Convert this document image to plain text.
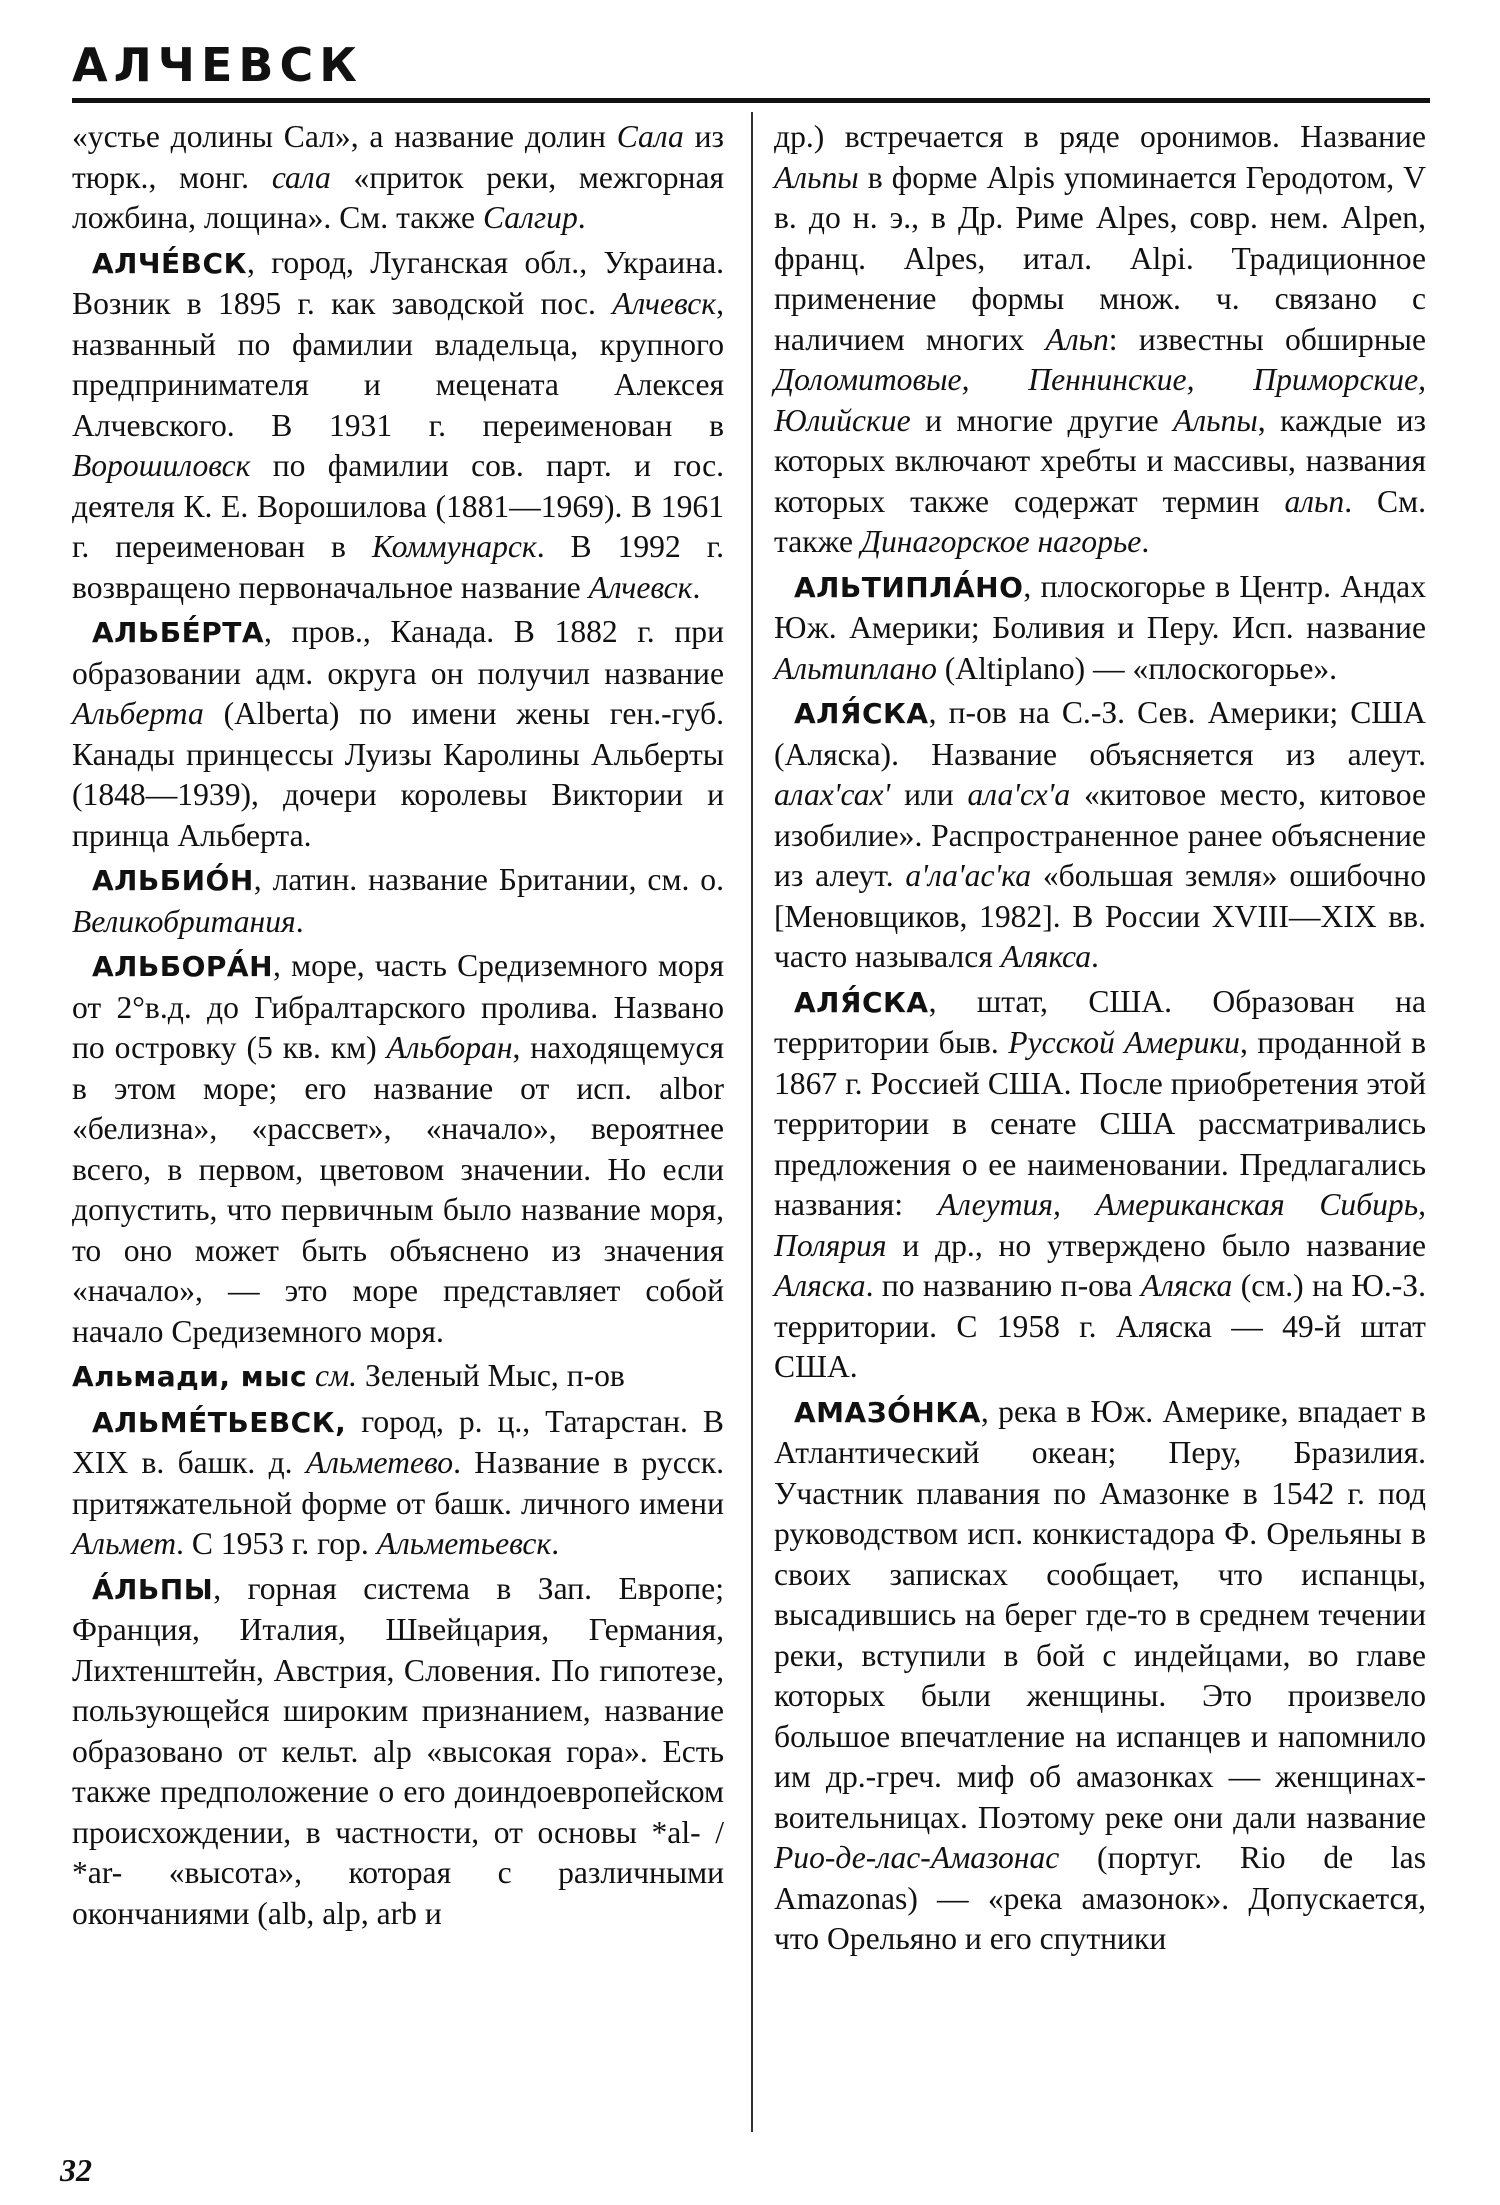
АЛЧЕВСК

«устье долины Сал», а название долин Сала из тюрк., монг. сала «приток реки, межгорная ложбина, лощина». См. также Салгир.

АЛЧЕ́ВСК, город, Луганская обл., Украина. Возник в 1895 г. как заводской пос. Алчевск, названный по фамилии владельца, крупного предпринимателя и мецената Алексея Алчевского. В 1931 г. переименован в Ворошиловск по фамилии сов. парт. и гос. деятеля К. Е. Ворошилова (1881—1969). В 1961 г. переименован в Коммунарск. В 1992 г. возвращено первоначальное название Алчевск.

АЛЬБЕ́РТА, пров., Канада. В 1882 г. при образовании адм. округа он получил название Альберта (Alberta) по имени жены ген.-губ. Канады принцессы Луизы Каролины Альберты (1848—1939), дочери королевы Виктории и принца Альберта.

АЛЬБИО́Н, латин. название Британии, см. о. Великобритания.

АЛЬБОРА́Н, море, часть Средиземного моря от 2°в.д. до Гибралтарского пролива. Названо по островку (5 кв. км) Альборан, находящемуся в этом море; его название от исп. albor «белизна», «рассвет», «начало», вероятнее всего, в первом, цветовом значении. Но если допустить, что первичным было название моря, то оно может быть объяснено из значения «начало», — это море представляет собой начало Средиземного моря.

Альмади, мыс см. Зеленый Мыс, п-ов

АЛЬМЕ́ТЬЕВСК, город, р. ц., Татарстан. В XIX в. башк. д. Альметево. Название в русск. притяжательной форме от башк. личного имени Альмет. С 1953 г. гор. Альметьевск.

А́ЛЬПЫ, горная система в Зап. Европе; Франция, Италия, Швейцария, Германия, Лихтенштейн, Австрия, Словения. По гипотезе, пользующейся широким признанием, название образовано от кельт. alp «высокая гора». Есть также предположение о его доиндоевропейском происхождении, в частности, от основы *al- / *ar- «высота», которая с различными окончаниями (alb, alp, arb и

др.) встречается в ряде оронимов. Название Альпы в форме Alpis упоминается Геродотом, V в. до н. э., в Др. Риме Alpes, совр. нем. Alpen, франц. Alpes, итал. Alpi. Традиционное применение формы множ. ч. связано с наличием многих Альп: известны обширные Доломитовые, Пеннинские, Приморские, Юлийские и многие другие Альпы, каждые из которых включают хребты и массивы, названия которых также содержат термин альп. См. также Динагорское нагорье.

АЛЬТИПЛА́НО, плоскогорье в Центр. Андах Юж. Америки; Боливия и Перу. Исп. название Альтиплано (Altiplano) — «плоскогорье».

АЛЯ́СКА, п-ов на С.-З. Сев. Америки; США (Аляска). Название объясняется из алеут. алах'сах' или ала'сх'а «китовое место, китовое изобилие». Распространенное ранее объяснение из алеут. а'ла'ас'ка «большая земля» ошибочно [Меновщиков, 1982]. В России XVIII—XIX вв. часто назывался Алякса.

АЛЯ́СКА, штат, США. Образован на территории быв. Русской Америки, проданной в 1867 г. Россией США. После приобретения этой территории в сенате США рассматривались предложения о ее наименовании. Предлагались названия: Алеутия, Американская Сибирь, Полярия и др., но утверждено было название Аляска. по названию п-ова Аляска (см.) на Ю.-З. территории. С 1958 г. Аляска — 49-й штат США.

АМАЗО́НКА, река в Юж. Америке, впадает в Атлантический океан; Перу, Бразилия. Участник плавания по Амазонке в 1542 г. под руководством исп. конкистадора Ф. Орельяны в своих записках сообщает, что испанцы, высадившись на берег где-то в среднем течении реки, вступили в бой с индейцами, во главе которых были женщины. Это произвело большое впечатление на испанцев и напомнило им др.-греч. миф об амазонках — женщинах-воительницах. Поэтому реке они дали название Рио-де-лас-Амазонас (португ. Rio de las Amazonas) — «река амазонок». Допускается, что Орельяно и его спутники

32
